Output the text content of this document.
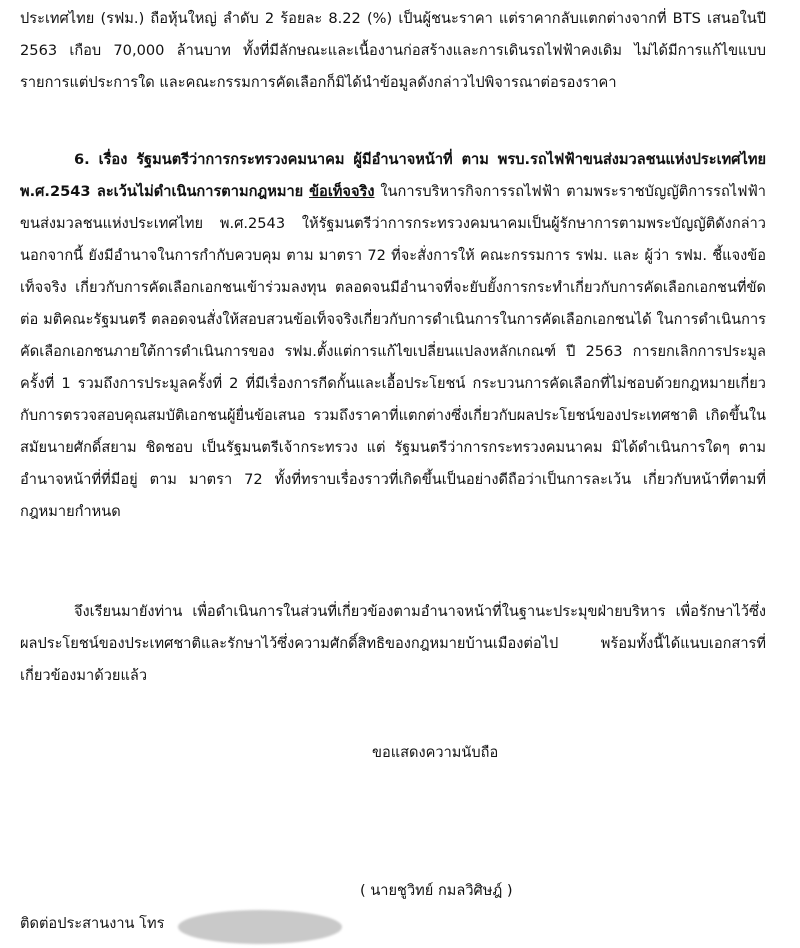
ประเทศไทย (รฟม.) ถือหุ้นใหญ่ ลำดับ 2 ร้อยละ 8.22 (%) เป็นผู้ชนะราคา แต่ราคากลับแตกต่างจากที่ BTS เสนอในปี 2563 เกือบ 70,000 ล้านบาท ทั้งที่มีลักษณะและเนื้องานก่อสร้างและการเดินรถไฟฟ้าคงเดิม ไม่ได้มีการแก้ไขแบบรายการแต่ประการใด และคณะกรรมการคัดเลือกก็มิได้นำข้อมูลดังกล่าวไปพิจารณาต่อรองราคา

6. เรื่อง รัฐมนตรีว่าการกระทรวงคมนาคม ผู้มีอำนาจหน้าที่ ตาม พรบ.รถไฟฟ้าขนส่งมวลชนแห่งประเทศไทย พ.ศ.2543 ละเว้นไม่ดำเนินการตามกฎหมาย ข้อเท็จจริง ในการบริหารกิจการรถไฟฟ้า ตามพระราชบัญญัติการรถไฟฟ้าขนส่งมวลชนแห่งประเทศไทย พ.ศ.2543 ให้รัฐมนตรีว่าการกระทรวงคมนาคมเป็นผู้รักษาการตามพระบัญญัติดังกล่าว นอกจากนี้ ยังมีอำนาจในการกำกับควบคุม ตาม มาตรา 72 ที่จะสั่งการให้ คณะกรรมการ รฟม. และ ผู้ว่า รฟม. ชี้แจงข้อเท็จจริง เกี่ยวกับการคัดเลือกเอกชนเข้าร่วมลงทุน ตลอดจนมีอำนาจที่จะยับยั้งการกระทำเกี่ยวกับการคัดเลือกเอกชนที่ขัดต่อ มติคณะรัฐมนตรี ตลอดจนสั่งให้สอบสวนข้อเท็จจริงเกี่ยวกับการดำเนินการในการคัดเลือกเอกชนได้ ในการดำเนินการคัดเลือกเอกชนภายใต้การดำเนินการของ รฟม.ตั้งแต่การแก้ไขเปลี่ยนแปลงหลักเกณฑ์ ปี 2563 การยกเลิกการประมูลครั้งที่ 1 รวมถึงการประมูลครั้งที่ 2 ที่มีเรื่องการกีดกั้นและเอื้อประโยชน์ กระบวนการคัดเลือกที่ไม่ชอบด้วยกฎหมายเกี่ยวกับการตรวจสอบคุณสมบัติเอกชนผู้ยื่นข้อเสนอ รวมถึงราคาที่แตกต่างซึ่งเกี่ยวกับผลประโยชน์ของประเทศชาติ เกิดขึ้นในสมัยนายศักดิ์สยาม ชิดชอบ เป็นรัฐมนตรีเจ้ากระทรวง แต่ รัฐมนตรีว่าการกระทรวงคมนาคม มิได้ดำเนินการใดๆ ตามอำนาจหน้าที่ที่มีอยู่ ตาม มาตรา 72 ทั้งที่ทราบเรื่องราวที่เกิดขึ้นเป็นอย่างดีถือว่าเป็นการละเว้น เกี่ยวกับหน้าที่ตามที่กฎหมายกำหนด

จึงเรียนมายังท่าน เพื่อดำเนินการในส่วนที่เกี่ยวข้องตามอำนาจหน้าที่ในฐานะประมุขฝ่ายบริหาร เพื่อรักษาไว้ซึ่งผลประโยชน์ของประเทศชาติและรักษาไว้ซึ่งความศักดิ์สิทธิของกฎหมายบ้านเมืองต่อไป พร้อมทั้งนี้ได้แนบเอกสารที่เกี่ยวข้องมาด้วยแล้ว

ขอแสดงความนับถือ
( นายชูวิทย์ กมลวิศิษฎ์ )
ติดต่อประสานงาน โทร
